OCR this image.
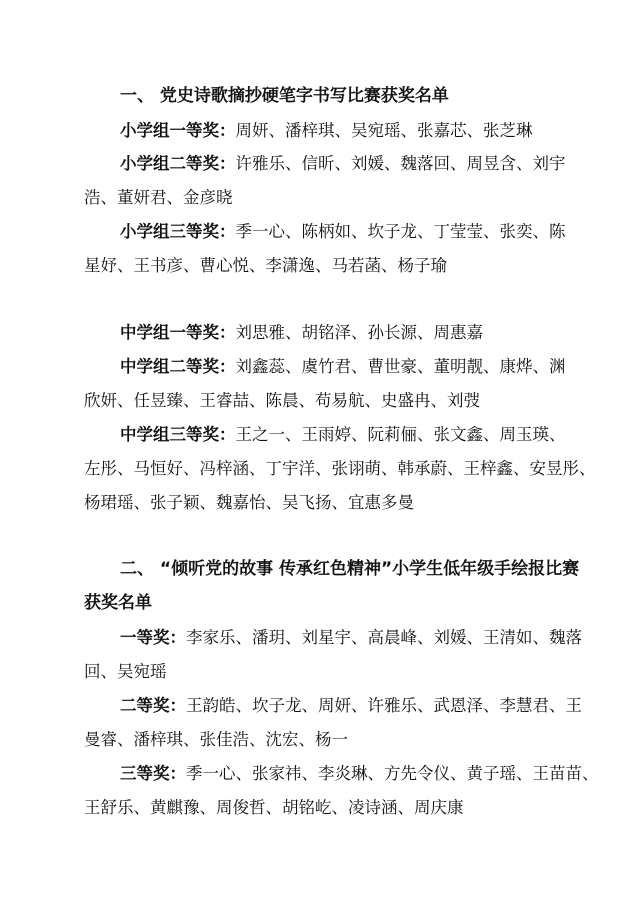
一、 党史诗歌摘抄硬笔字书写比赛获奖名单
小学组一等奖：周妍、潘梓琪、吴宛瑶、张嘉芯、张芝琳
小学组二等奖：许雅乐、信昕、刘媛、魏落回、周昱含、刘宇
浩、董妍君、金彦晓
小学组三等奖：季一心、陈柄如、坎子龙、丁莹莹、张奕、陈
星妤、王书彦、曹心悦、李潇逸、马若菡、杨子瑜
中学组一等奖：刘思雅、胡铭泽、孙长源、周惠嘉
中学组二等奖：刘鑫蕊、虞竹君、曹世豪、董明靓、康烨、渊
欣妍、任昱臻、王睿喆、陈晨、苟易航、史盛冉、刘弢
中学组三等奖：王之一、王雨婷、阮莉俪、张文鑫、周玉瑛、
左彤、马恒好、冯梓涵、丁宇洋、张诩萌、韩承蔚、王梓鑫、安昱彤、
杨珺瑶、张子颖、魏嘉怡、吴飞扬、宜惠多曼
二、 “倾听党的故事 传承红色精神”小学生低年级手绘报比赛
获奖名单
一等奖：李家乐、潘玥、刘星宇、高晨峰、刘媛、王清如、魏落
回、吴宛瑶
二等奖：王韵皓、坎子龙、周妍、许雅乐、武恩泽、李慧君、王
曼睿、潘梓琪、张佳浩、沈宏、杨一
三等奖：季一心、张家祎、李炎琳、方先令仪、黄子瑶、王苗苗、
王舒乐、黄麒豫、周俊哲、胡铭屹、凌诗涵、周庆康
